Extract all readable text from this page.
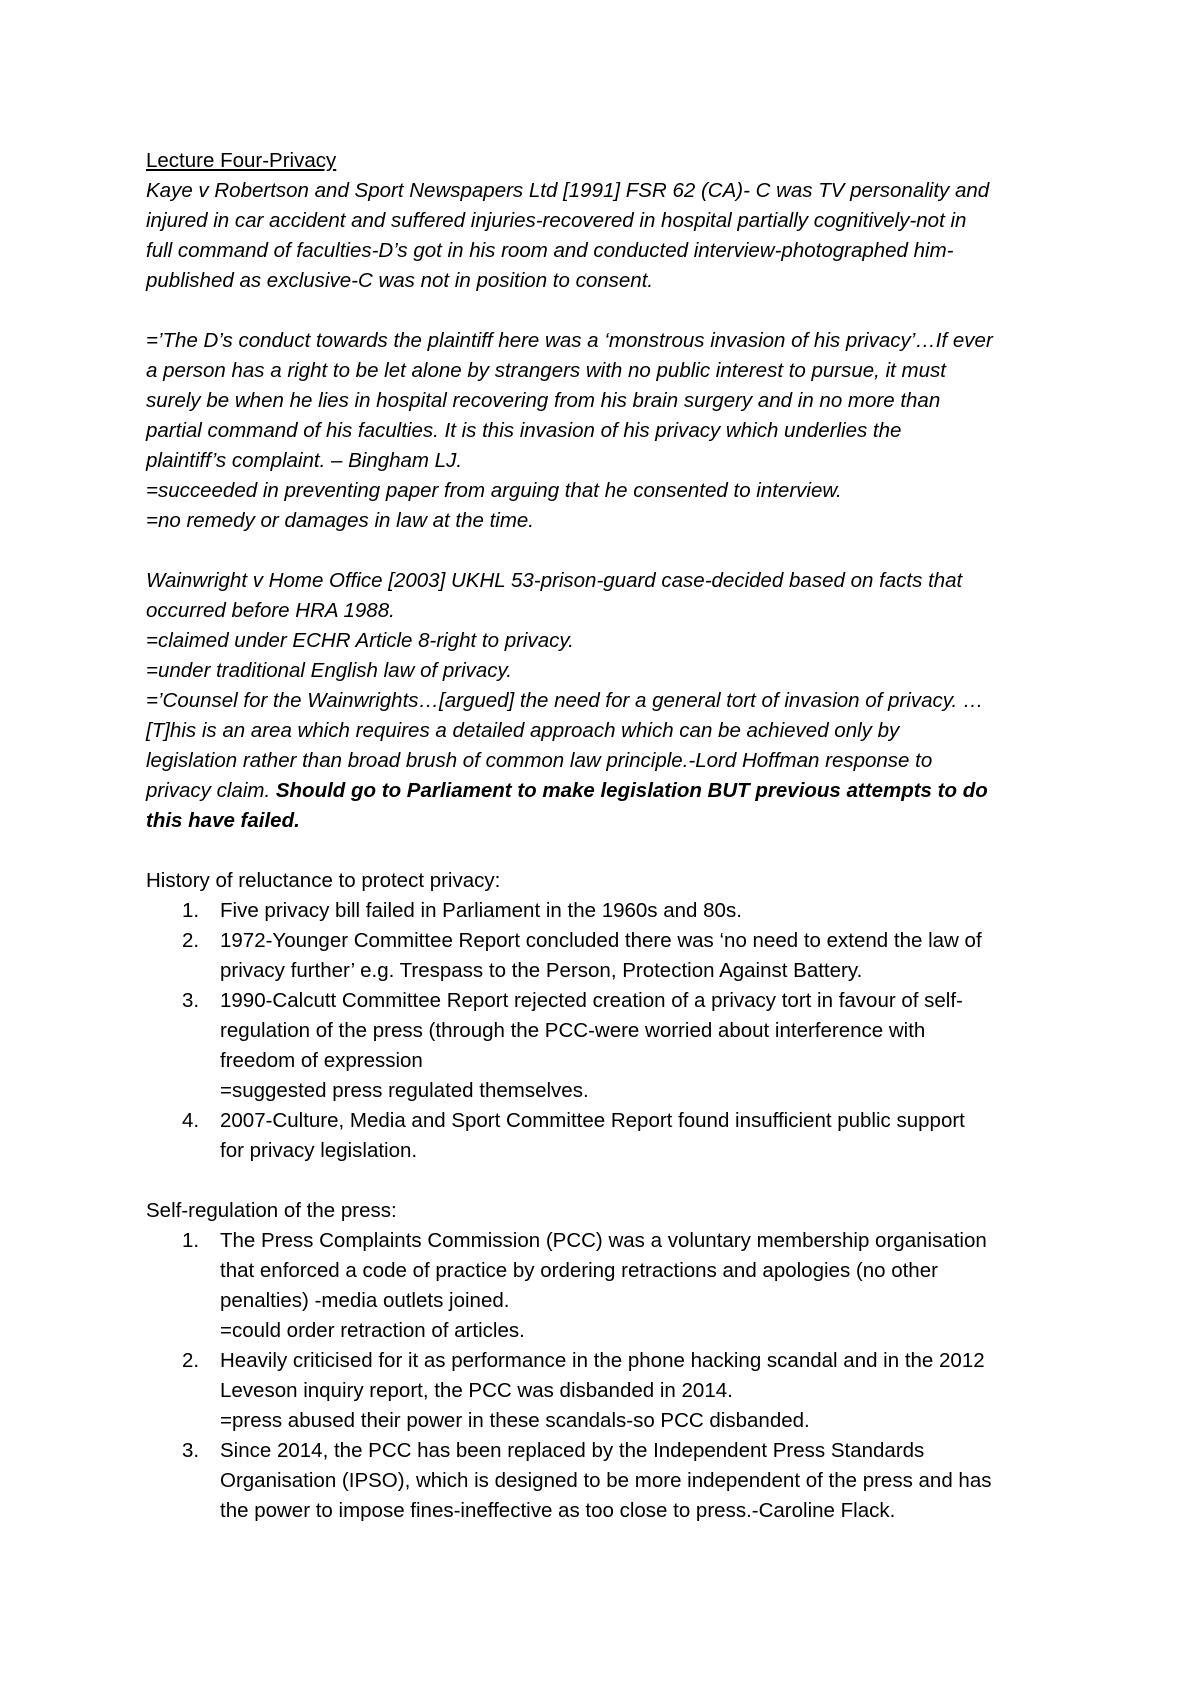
Lecture Four-Privacy
Kaye v Robertson and Sport Newspapers Ltd [1991] FSR 62 (CA)- C was TV personality and
injured in car accident and suffered injuries-recovered in hospital partially cognitively-not in
full command of faculties-D’s got in his room and conducted interview-photographed him-
published as exclusive-C was not in position to consent.
=’The D’s conduct towards the plaintiff here was a ‘monstrous invasion of his privacy’…If ever
a person has a right to be let alone by strangers with no public interest to pursue, it must
surely be when he lies in hospital recovering from his brain surgery and in no more than
partial command of his faculties. It is this invasion of his privacy which underlies the
plaintiff’s complaint. – Bingham LJ.
=succeeded in preventing paper from arguing that he consented to interview.
=no remedy or damages in law at the time.
Wainwright v Home Office [2003] UKHL 53-prison-guard case-decided based on facts that
occurred before HRA 1988.
=claimed under ECHR Article 8-right to privacy.
=under traditional English law of privacy.
=’Counsel for the Wainwrights…[argued] the need for a general tort of invasion of privacy. …
[T]his is an area which requires a detailed approach which can be achieved only by
legislation rather than broad brush of common law principle.-Lord Hoffman response to
privacy claim. Should go to Parliament to make legislation BUT previous attempts to do
this have failed.
History of reluctance to protect privacy:
1.	Five privacy bill failed in Parliament in the 1960s and 80s.
2.	1972-Younger Committee Report concluded there was ‘no need to extend the law of
privacy further’ e.g. Trespass to the Person, Protection Against Battery.
3.	1990-Calcutt Committee Report rejected creation of a privacy tort in favour of self-
regulation of the press (through the PCC-were worried about interference with
freedom of expression
=suggested press regulated themselves.
4.	2007-Culture, Media and Sport Committee Report found insufficient public support
for privacy legislation.
Self-regulation of the press:
1.	The Press Complaints Commission (PCC) was a voluntary membership organisation
that enforced a code of practice by ordering retractions and apologies (no other
penalties) -media outlets joined.
=could order retraction of articles.
2.	Heavily criticised for it as performance in the phone hacking scandal and in the 2012
Leveson inquiry report, the PCC was disbanded in 2014.
=press abused their power in these scandals-so PCC disbanded.
3.	Since 2014, the PCC has been replaced by the Independent Press Standards
Organisation (IPSO), which is designed to be more independent of the press and has
the power to impose fines-ineffective as too close to press.-Caroline Flack.
